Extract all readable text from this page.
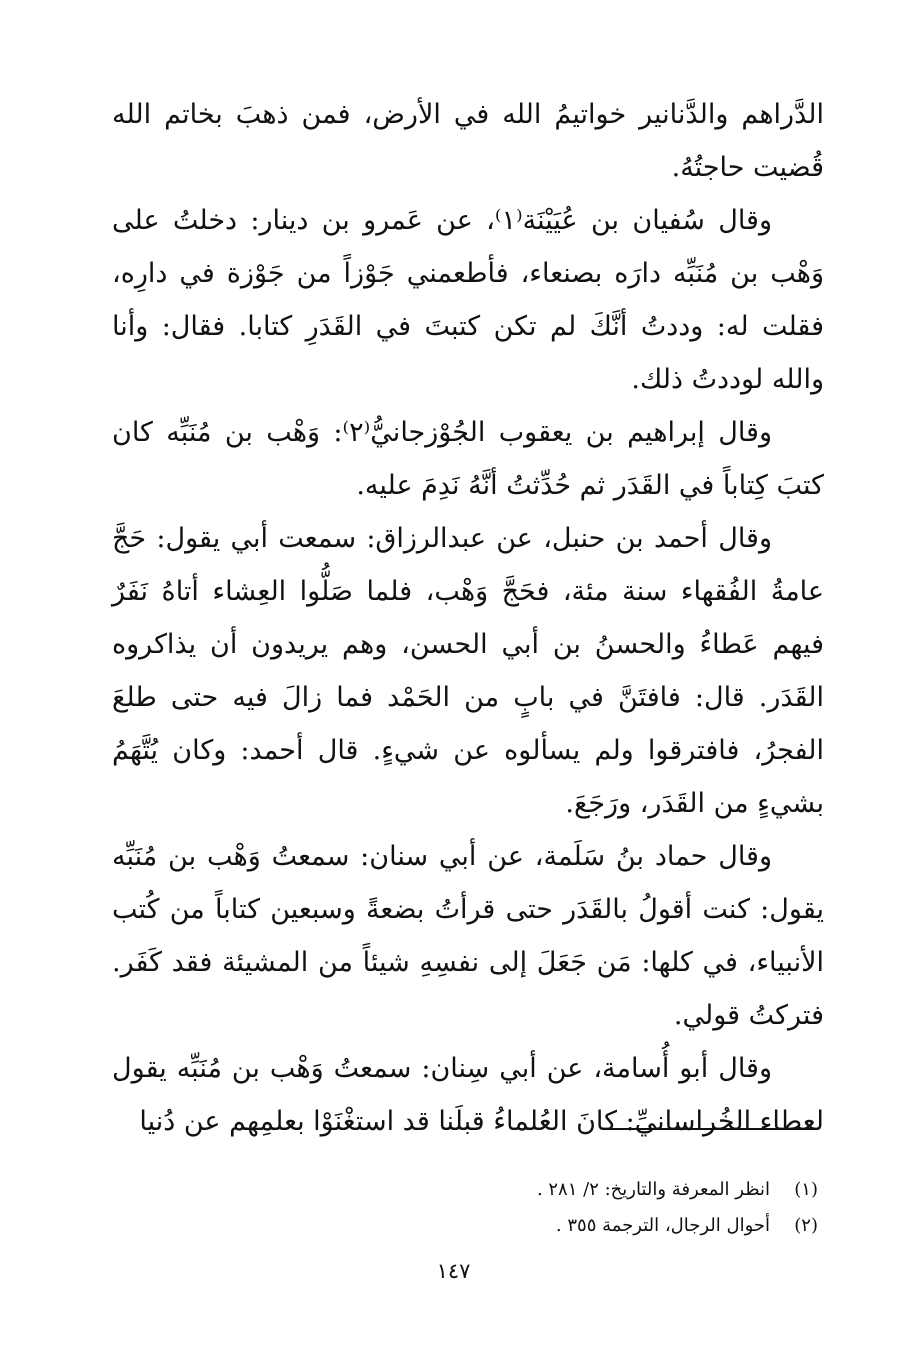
الدَّراهم والدَّنانير خواتيمُ الله في الأرض، فمن ذهبَ بخاتم الله قُضيت حاجتُهُ.

وقال سُفيان بن عُيَيْنَة⁽١⁾، عن عَمرو بن دينار: دخلتُ على وَهْب بن مُنَبِّه دارَه بصنعاء، فأطعمني جَوْزاً من جَوْزة في دارِه، فقلت له: وددتُ أنَّكَ لم تكن كتبتَ في القَدَرِ كتابا. فقال: وأنا والله لوددتُ ذلك.

وقال إبراهيم بن يعقوب الجُوْزجانيُّ⁽٢⁾: وَهْب بن مُنَبِّه كان كتبَ كِتاباً في القَدَر ثم حُدِّثتُ أنَّهُ نَدِمَ عليه.

وقال أحمد بن حنبل، عن عبدالرزاق: سمعت أبي يقول: حَجَّ عامةُ الفُقهاء سنة مئة، فحَجَّ وَهْب، فلما صَلُّوا العِشاء أتاهُ نَفَرٌ فيهم عَطاءُ والحسنُ بن أبي الحسن، وهم يريدون أن يذاكروه القَدَر. قال: فافتَنَّ في بابٍ من الحَمْد فما زالَ فيه حتى طلعَ الفجرُ، فافترقوا ولم يسألوه عن شيءٍ. قال أحمد: وكان يُتَّهَمُ بشيءٍ من القَدَر، ورَجَعَ.

وقال حماد بنُ سَلَمة، عن أبي سنان: سمعتُ وَهْب بن مُنَبِّه يقول: كنت أقولُ بالقَدَر حتى قرأتُ بضعةً وسبعين كتاباً من كُتب الأنبياء، في كلها: مَن جَعَلَ إلى نفسِهِ شيئاً من المشيئة فقد كَفَر. فتركتُ قولي.

وقال أبو أُسامة، عن أبي سِنان: سمعتُ وَهْب بن مُنَبِّه يقول لعطاء الخُراسانيِّ: كانَ العُلماءُ قبلَنا قد استغْنَوْا بعلمِهم عن دُنيا

(١)
انظر المعرفة والتاريخ: ٢/ ٢٨١ .
(٢)
أحوال الرجال، الترجمة ٣٥٥ .
١٤٧
